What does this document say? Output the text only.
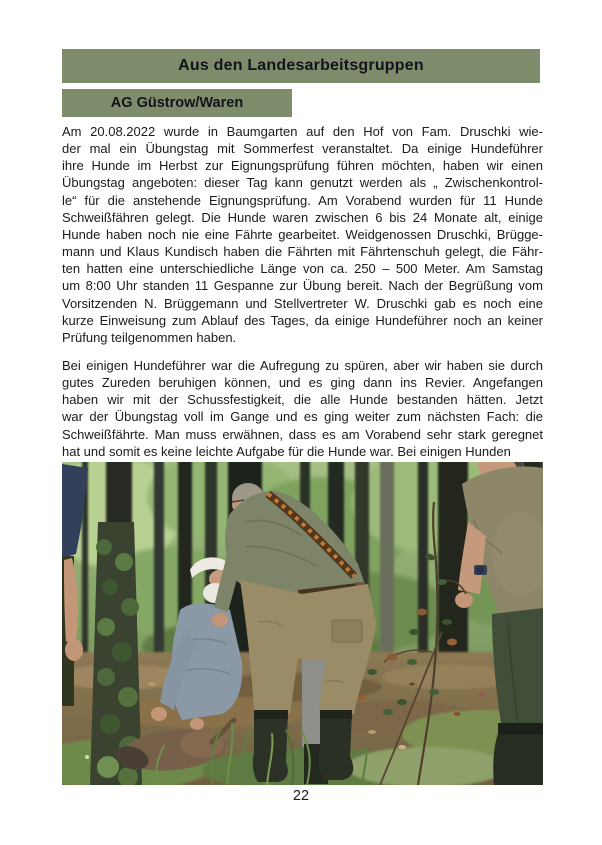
Aus den Landesarbeitsgruppen
AG Güstrow/Waren
Am 20.08.2022 wurde in Baumgarten auf den Hof von Fam. Druschki wie-
der mal ein Übungstag mit Sommerfest veranstaltet. Da einige Hundeführer
ihre Hunde im Herbst zur Eignungsprüfung führen möchten, haben wir einen
Übungstag angeboten: dieser Tag kann genutzt werden als „ Zwischenkontrol-
le“ für die anstehende Eignungsprüfung. Am Vorabend wurden für 11 Hunde
Schweißfähren gelegt. Die Hunde waren zwischen 6 bis 24 Monate alt, einige
Hunde haben noch nie eine Fährte gearbeitet. Weidgenossen Druschki, Brügge-
mann und Klaus Kundisch haben die Fährten mit Fährtenschuh gelegt, die Fähr-
ten hatten eine unterschiedliche Länge von ca. 250 – 500 Meter. Am Samstag
um 8:00 Uhr standen 11 Gespanne zur Übung bereit. Nach der Begrüßung vom
Vorsitzenden N. Brüggemann und Stellvertreter W. Druschki gab es noch eine
kurze Einweisung zum Ablauf des Tages, da einige Hundeführer noch an keiner
Prüfung teilgenommen haben.
Bei einigen Hundeführer war die Aufregung zu spüren, aber wir haben sie durch
gutes Zureden beruhigen können, und es ging dann ins Revier. Angefangen
haben wir mit der Schussfestigkeit, die alle Hunde bestanden hätten. Jetzt
war der Übungstag voll im Gange und es ging weiter zum nächsten Fach: die
Schweißfährte. Man muss erwähnen, dass es am Vorabend sehr stark geregnet
hat und somit es keine leichte Aufgabe für die Hunde war. Bei einigen Hunden
22
